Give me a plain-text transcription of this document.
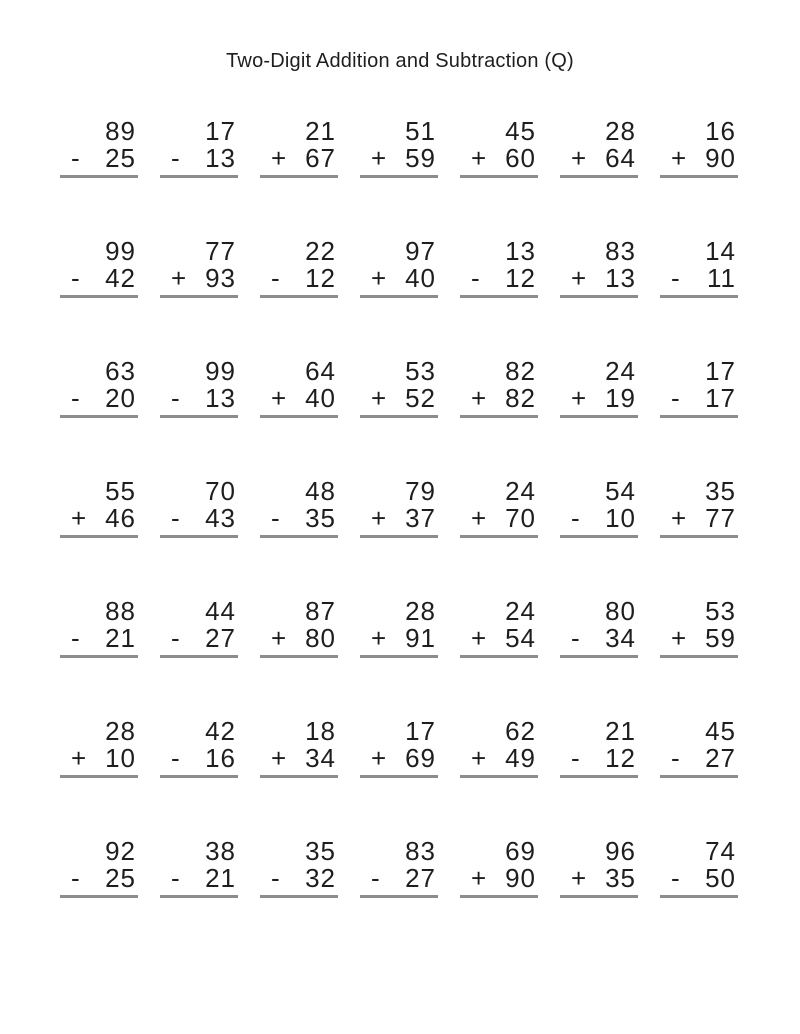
Two-Digit Addition and Subtraction (Q)
89
- 25
17
- 13
21
+ 67
51
+ 59
45
+ 60
28
+ 64
16
+ 90
99
- 42
77
+ 93
22
- 12
97
+ 40
13
- 12
83
+ 13
14
- 11
63
- 20
99
- 13
64
+ 40
53
+ 52
82
+ 82
24
+ 19
17
- 17
55
+ 46
70
- 43
48
- 35
79
+ 37
24
+ 70
54
- 10
35
+ 77
88
- 21
44
- 27
87
+ 80
28
+ 91
24
+ 54
80
- 34
53
+ 59
28
+ 10
42
- 16
18
+ 34
17
+ 69
62
+ 49
21
- 12
45
- 27
92
- 25
38
- 21
35
- 32
83
- 27
69
+ 90
96
+ 35
74
- 50
